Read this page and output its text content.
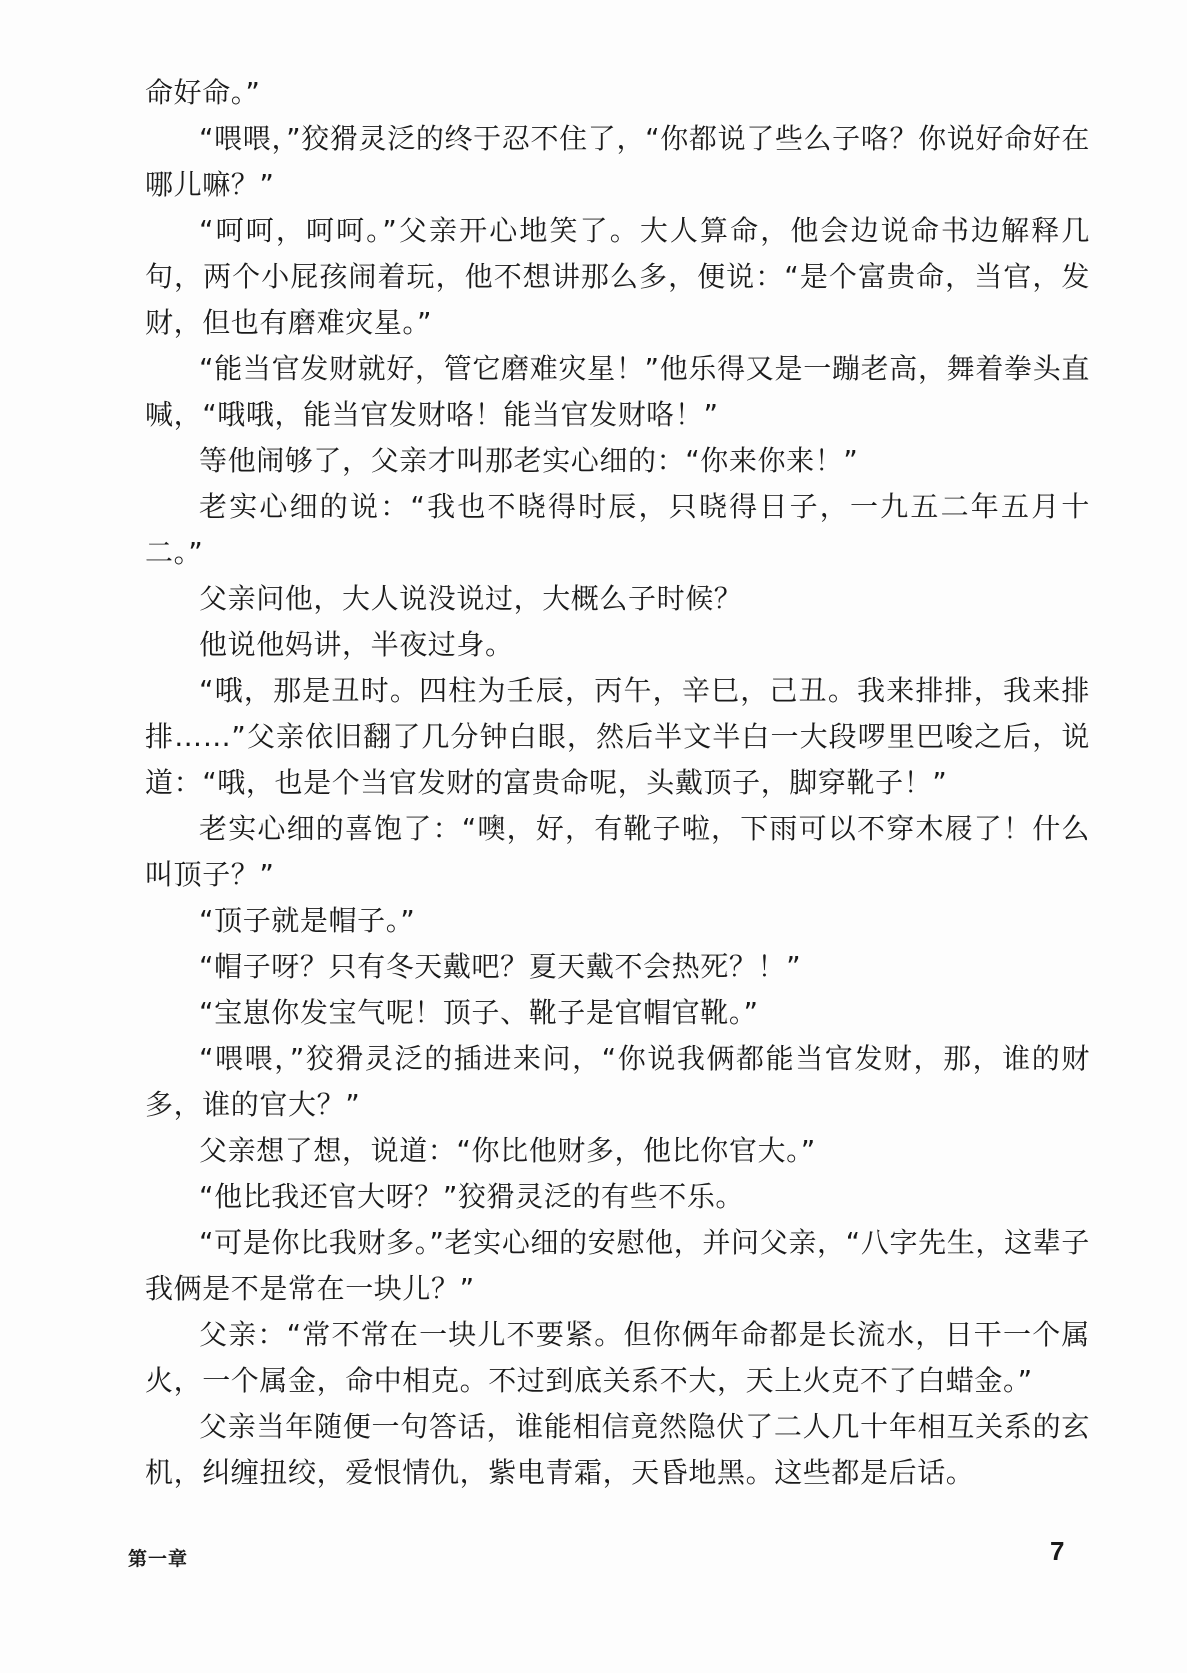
命好命。”

“喂喂，”狡猾灵泛的终于忍不住了，“你都说了些么子咯？你说好命好在哪儿嘛？”

“呵呵，呵呵。”父亲开心地笑了。大人算命，他会边说命书边解释几句，两个小屁孩闹着玩，他不想讲那么多，便说：“是个富贵命，当官，发财，但也有磨难灾星。”

“能当官发财就好，管它磨难灾星！”他乐得又是一蹦老高，舞着拳头直喊，“哦哦，能当官发财咯！能当官发财咯！”

等他闹够了，父亲才叫那老实心细的：“你来你来！”

老实心细的说：“我也不晓得时辰，只晓得日子，一九五二年五月十二。”

父亲问他，大人说没说过，大概么子时候？

他说他妈讲，半夜过身。

“哦，那是丑时。四柱为壬辰，丙午，辛巳，己丑。我来排排，我来排排……”父亲依旧翻了几分钟白眼，然后半文半白一大段啰里巴唆之后，说道：“哦，也是个当官发财的富贵命呢，头戴顶子，脚穿靴子！”

老实心细的喜饱了：“噢，好，有靴子啦，下雨可以不穿木屐了！什么叫顶子？”

“顶子就是帽子。”

“帽子呀？只有冬天戴吧？夏天戴不会热死？！”

“宝崽你发宝气呢！顶子、靴子是官帽官靴。”

“喂喂，”狡猾灵泛的插进来问，“你说我俩都能当官发财，那，谁的财多，谁的官大？”

父亲想了想，说道：“你比他财多，他比你官大。”

“他比我还官大呀？”狡猾灵泛的有些不乐。

“可是你比我财多。”老实心细的安慰他，并问父亲，“八字先生，这辈子我俩是不是常在一块儿？”

父亲：“常不常在一块儿不要紧。但你俩年命都是长流水，日干一个属火，一个属金，命中相克。不过到底关系不大，天上火克不了白蜡金。”

父亲当年随便一句答话，谁能相信竟然隐伏了二人几十年相互关系的玄机，纠缠扭绞，爱恨情仇，紫电青霜，天昏地黑。这些都是后话。

第一章	7
